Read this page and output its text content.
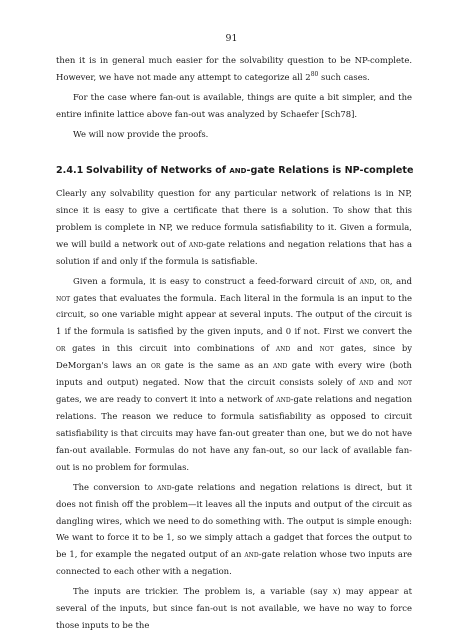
91

then it is in general much easier for the solvability question to be NP-complete. However, we have not made any attempt to categorize all $2^{80}$ such cases.

For the case where fan-out is available, things are quite a bit simpler, and the entire infinite lattice above fan-out was analyzed by Schaefer [Sch78].

We will now provide the proofs.

2.4.1 Solvability of Networks of and-gate Relations is NP-complete

Clearly any solvability question for any particular network of relations is in NP, since it is easy to give a certificate that there is a solution. To show that this problem is complete in NP, we reduce formula satisfiability to it. Given a formula, we will build a network out of and-gate relations and negation relations that has a solution if and only if the formula is satisfiable.

Given a formula, it is easy to construct a feed-forward circuit of and, or, and not gates that evaluates the formula. Each literal in the formula is an input to the circuit, so one variable might appear at several inputs. The output of the circuit is 1 if the formula is satisfied by the given inputs, and 0 if not. First we convert the or gates in this circuit into combinations of and and not gates, since by DeMorgan's laws an or gate is the same as an and gate with every wire (both inputs and output) negated. Now that the circuit consists solely of and and not gates, we are ready to convert it into a network of and-gate relations and negation relations. The reason we reduce to formula satisfiability as opposed to circuit satisfiability is that circuits may have fan-out greater than one, but we do not have fan-out available. Formulas do not have any fan-out, so our lack of available fan-out is no problem for formulas.

The conversion to and-gate relations and negation relations is direct, but it does not finish off the problem—it leaves all the inputs and output of the circuit as dangling wires, which we need to do something with. The output is simple enough: We want to force it to be 1, so we simply attach a gadget that forces the output to be 1, for example the negated output of an and-gate relation whose two inputs are connected to each other with a negation.

The inputs are trickier. The problem is, a variable (say x) may appear at several of the inputs, but since fan-out is not available, we have no way to force those inputs to be the
